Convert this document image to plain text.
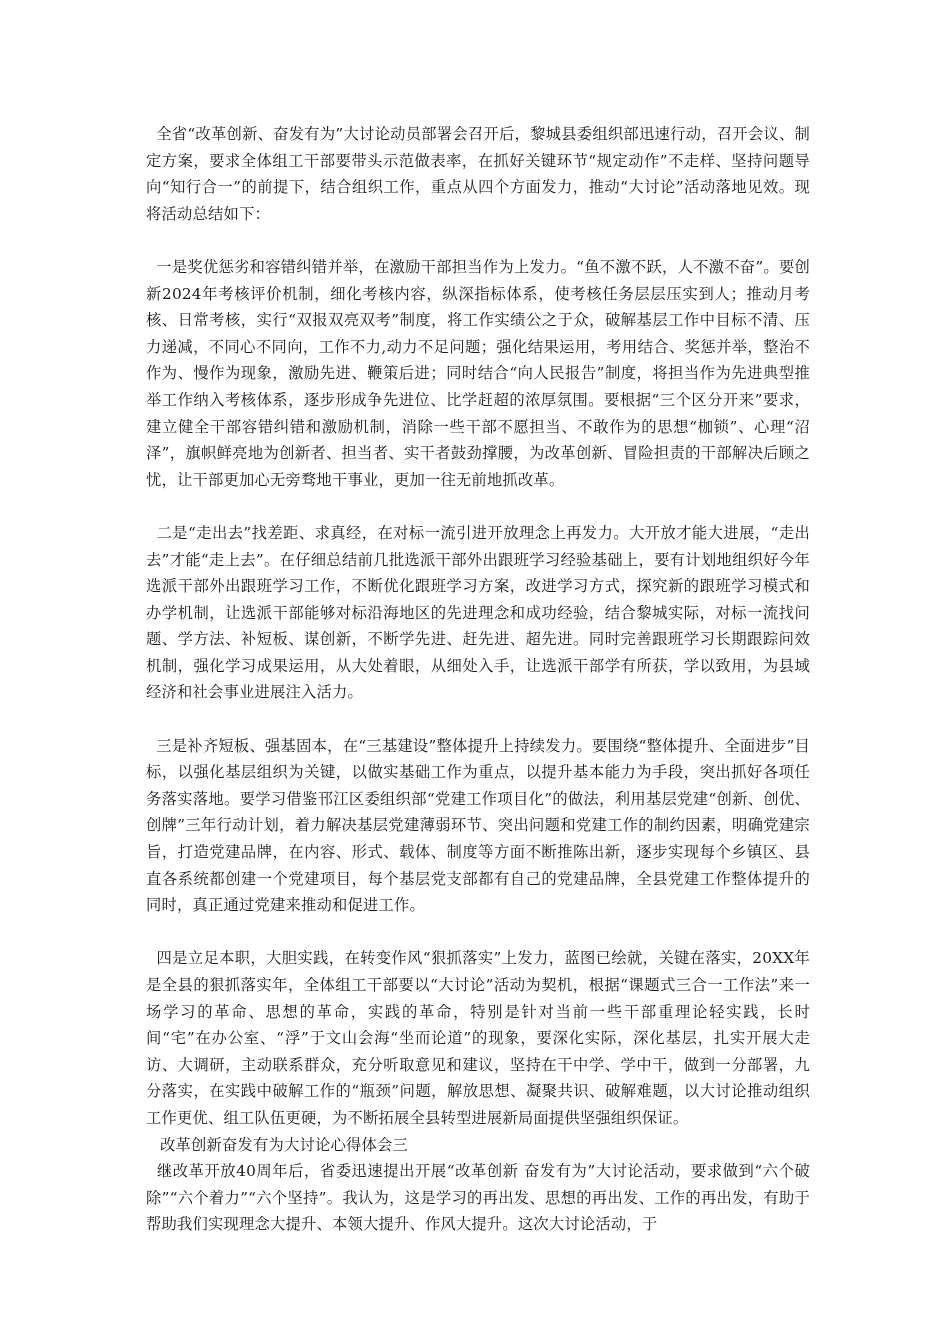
全省“改革创新、奋发有为”大讨论动员部署会召开后，黎城县委组织部迅速行动，召开会议、制定方案，要求全体组工干部要带头示范做表率，在抓好关键环节“规定动作”不走样、坚持问题导向“知行合一”的前提下，结合组织工作，重点从四个方面发力，推动“大讨论”活动落地见效。现将活动总结如下：

一是奖优惩劣和容错纠错并举，在激励干部担当作为上发力。“鱼不激不跃，人不激不奋”。要创新2024年考核评价机制，细化考核内容，纵深指标体系，使考核任务层层压实到人；推动月考核、日常考核，实行“双报双亮双考”制度，将工作实绩公之于众，破解基层工作中目标不清、压力递减，不同心不同向，工作不力,动力不足问题；强化结果运用，考用结合、奖惩并举，整治不作为、慢作为现象，激励先进、鞭策后进；同时结合“向人民报告”制度，将担当作为先进典型推举工作纳入考核体系，逐步形成争先进位、比学赶超的浓厚氛围。要根据“三个区分开来”要求，建立健全干部容错纠错和激励机制，消除一些干部不愿担当、不敢作为的思想“枷锁”、心理“沼泽”，旗帜鲜亮地为创新者、担当者、实干者鼓劲撑腰，为改革创新、冒险担责的干部解决后顾之忧，让干部更加心无旁骛地干事业，更加一往无前地抓改革。

二是“走出去”找差距、求真经，在对标一流引进开放理念上再发力。大开放才能大进展，“走出去”才能“走上去”。在仔细总结前几批选派干部外出跟班学习经验基础上，要有计划地组织好今年选派干部外出跟班学习工作，不断优化跟班学习方案，改进学习方式，探究新的跟班学习模式和办学机制，让选派干部能够对标沿海地区的先进理念和成功经验，结合黎城实际，对标一流找问题、学方法、补短板、谋创新，不断学先进、赶先进、超先进。同时完善跟班学习长期跟踪问效机制，强化学习成果运用，从大处着眼，从细处入手，让选派干部学有所获，学以致用，为县域经济和社会事业进展注入活力。

三是补齐短板、强基固本，在“三基建设”整体提升上持续发力。要围绕“整体提升、全面进步”目标，以强化基层组织为关键，以做实基础工作为重点，以提升基本能力为手段，突出抓好各项任务落实落地。要学习借鉴邗江区委组织部“党建工作项目化”的做法，利用基层党建“创新、创优、创牌”三年行动计划，着力解决基层党建薄弱环节、突出问题和党建工作的制约因素，明确党建宗旨，打造党建品牌，在内容、形式、载体、制度等方面不断推陈出新，逐步实现每个乡镇区、县直各系统都创建一个党建项目，每个基层党支部都有自己的党建品牌，全县党建工作整体提升的同时，真正通过党建来推动和促进工作。

四是立足本职，大胆实践，在转变作风“狠抓落实”上发力，蓝图已绘就，关键在落实，20XX年是全县的狠抓落实年，全体组工干部要以“大讨论”活动为契机，根据“课题式三合一工作法”来一场学习的革命、思想的革命，实践的革命，特别是针对当前一些干部重理论轻实践，长时间“宅”在办公室、“浮”于文山会海“坐而论道”的现象，要深化实际，深化基层，扎实开展大走访、大调研，主动联系群众，充分听取意见和建议，坚持在干中学、学中干，做到一分部署，九分落实，在实践中破解工作的“瓶颈”问题，解放思想、凝聚共识、破解难题，以大讨论推动组织工作更优、组工队伍更硬，为不断拓展全县转型进展新局面提供坚强组织保证。

改革创新奋发有为大讨论心得体会三

继改革开放40周年后，省委迅速提出开展“改革创新 奋发有为”大讨论活动，要求做到“六个破除”“六个着力”“六个坚持”。我认为，这是学习的再出发、思想的再出发、工作的再出发，有助于帮助我们实现理念大提升、本领大提升、作风大提升。这次大讨论活动，于
